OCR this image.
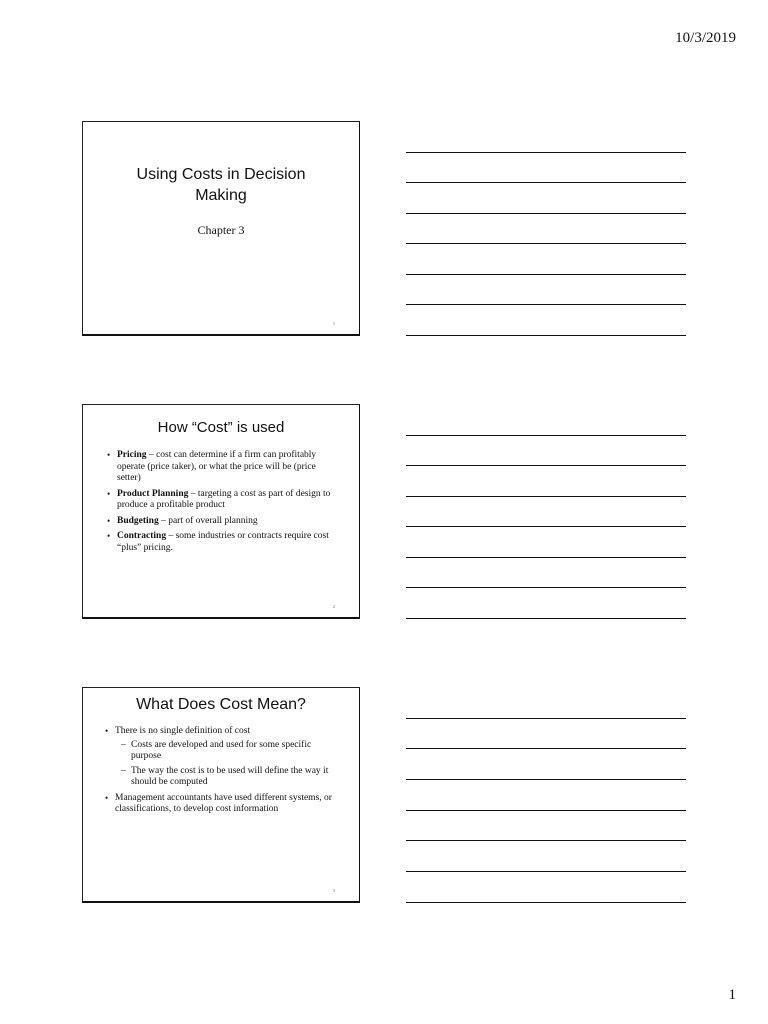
10/3/2019
Using Costs in Decision Making
Chapter 3
1
How “Cost” is used
• Pricing – cost can determine if a firm can profitably operate (price taker), or what the price will be (price setter)
• Product Planning – targeting a cost as part of design to produce a profitable product
• Budgeting – part of overall planning
• Contracting – some industries or contracts require cost “plus” pricing.
2
What Does Cost Mean?
• There is no single definition of cost
– Costs are developed and used for some specific purpose
– The way the cost is to be used will define the way it should be computed
• Management accountants have used different systems, or classifications, to develop cost information
3
1
